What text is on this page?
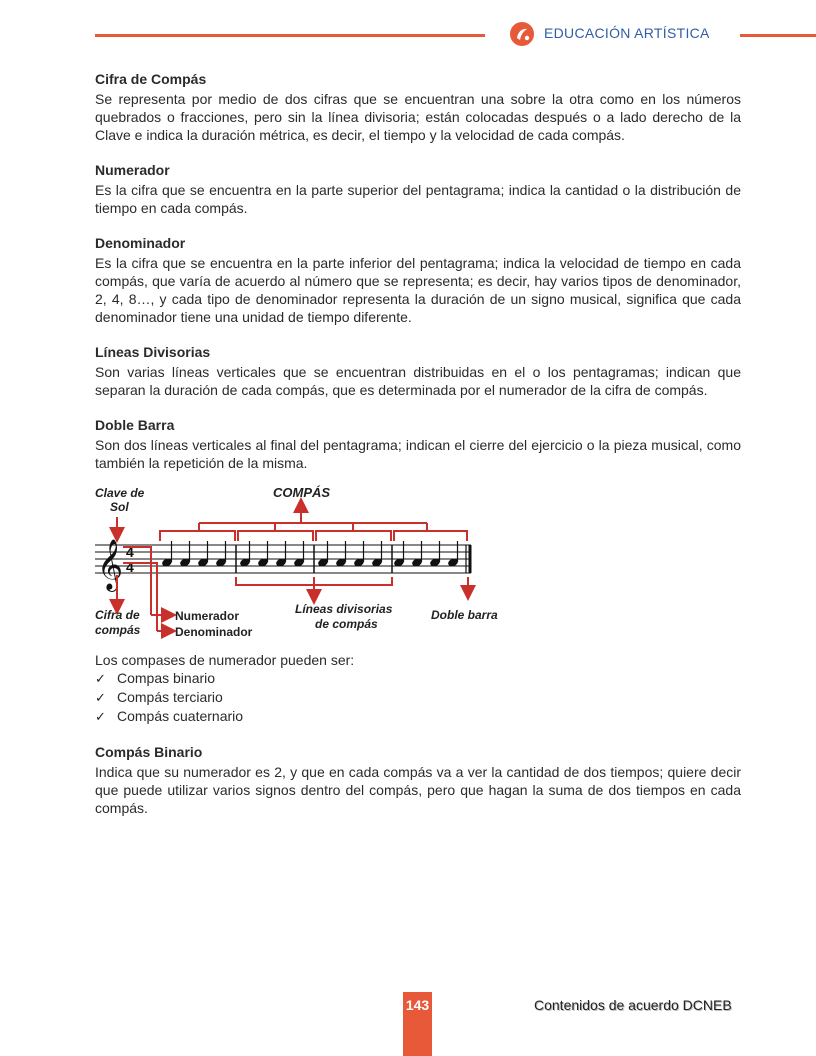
EDUCACIÓN ARTÍSTICA
Cifra de Compás
Se representa por medio de dos cifras que se encuentran una sobre la otra como en los números quebrados o fracciones, pero sin la línea divisoria; están colocadas después o a lado derecho de la Clave e indica la duración métrica, es decir, el tiempo y la velocidad de cada compás.
Numerador
Es la cifra que se encuentra en la parte superior del pentagrama; indica la cantidad o la distribución de tiempo en cada compás.
Denominador
Es la cifra que se encuentra en la parte inferior del pentagrama; indica la velocidad de tiempo en cada compás, que varía de acuerdo al número que se representa; es decir, hay varios tipos de denominador, 2, 4, 8…, y cada tipo de denominador representa la duración de un signo musical, significa que cada denominador tiene una unidad de tiempo diferente.
Líneas Divisorias
Son varias líneas verticales que se encuentran distribuidas en el o los pentagramas; indican que separan la duración de cada compás, que es determinada por el numerador de la cifra de compás.
Doble Barra
Son dos líneas verticales al final del pentagrama; indican el cierre del ejercicio o la pieza musical, como también la repetición de la misma.
Clave de
Sol
COMPÁS
𝄞 4
4
Cifra de
compás
Numerador
Denominador
Líneas divisorias
de compás
Doble barra
Los compases de numerador pueden ser:
✓ Compas binario
✓ Compás terciario
✓ Compás cuaternario
Compás Binario
Indica que su numerador es 2, y que en cada compás va a ver la cantidad de dos tiempos; quiere decir que puede utilizar varios signos dentro del compás, pero que hagan la suma de dos tiempos en cada compás.
143	Contenidos de acuerdo DCNEB
